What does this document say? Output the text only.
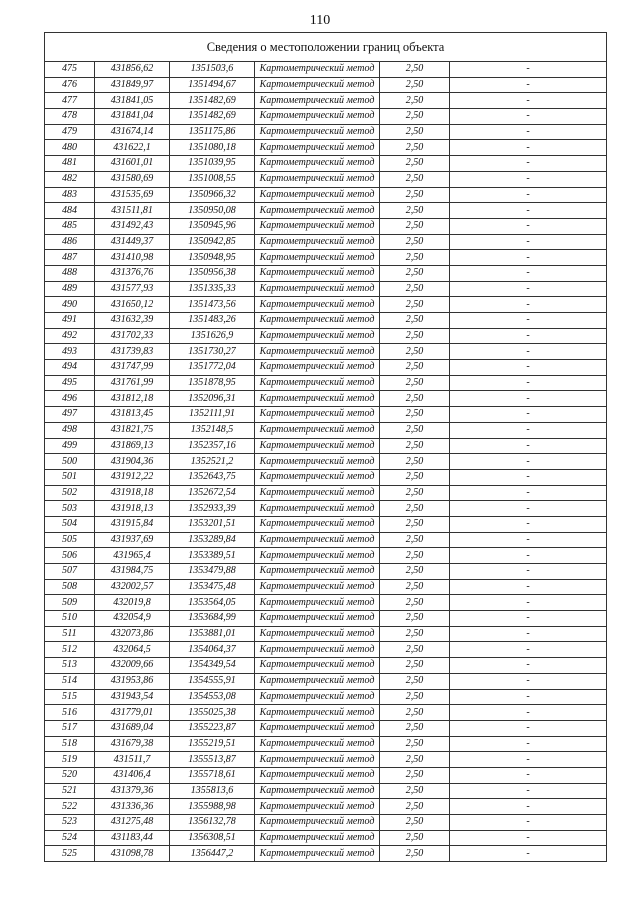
110
Сведения о местоположении границ объекта					
475	431856,62	1351503,6	Картометрический метод	2,50	-
476	431849,97	1351494,67	Картометрический метод	2,50	-
477	431841,05	1351482,69	Картометрический метод	2,50	-
478	431841,04	1351482,69	Картометрический метод	2,50	-
479	431674,14	1351175,86	Картометрический метод	2,50	-
480	431622,1	1351080,18	Картометрический метод	2,50	-
481	431601,01	1351039,95	Картометрический метод	2,50	-
482	431580,69	1351008,55	Картометрический метод	2,50	-
483	431535,69	1350966,32	Картометрический метод	2,50	-
484	431511,81	1350950,08	Картометрический метод	2,50	-
485	431492,43	1350945,96	Картометрический метод	2,50	-
486	431449,37	1350942,85	Картометрический метод	2,50	-
487	431410,98	1350948,95	Картометрический метод	2,50	-
488	431376,76	1350956,38	Картометрический метод	2,50	-
489	431577,93	1351335,33	Картометрический метод	2,50	-
490	431650,12	1351473,56	Картометрический метод	2,50	-
491	431632,39	1351483,26	Картометрический метод	2,50	-
492	431702,33	1351626,9	Картометрический метод	2,50	-
493	431739,83	1351730,27	Картометрический метод	2,50	-
494	431747,99	1351772,04	Картометрический метод	2,50	-
495	431761,99	1351878,95	Картометрический метод	2,50	-
496	431812,18	1352096,31	Картометрический метод	2,50	-
497	431813,45	1352111,91	Картометрический метод	2,50	-
498	431821,75	1352148,5	Картометрический метод	2,50	-
499	431869,13	1352357,16	Картометрический метод	2,50	-
500	431904,36	1352521,2	Картометрический метод	2,50	-
501	431912,22	1352643,75	Картометрический метод	2,50	-
502	431918,18	1352672,54	Картометрический метод	2,50	-
503	431918,13	1352933,39	Картометрический метод	2,50	-
504	431915,84	1353201,51	Картометрический метод	2,50	-
505	431937,69	1353289,84	Картометрический метод	2,50	-
506	431965,4	1353389,51	Картометрический метод	2,50	-
507	431984,75	1353479,88	Картометрический метод	2,50	-
508	432002,57	1353475,48	Картометрический метод	2,50	-
509	432019,8	1353564,05	Картометрический метод	2,50	-
510	432054,9	1353684,99	Картометрический метод	2,50	-
511	432073,86	1353881,01	Картометрический метод	2,50	-
512	432064,5	1354064,37	Картометрический метод	2,50	-
513	432009,66	1354349,54	Картометрический метод	2,50	-
514	431953,86	1354555,91	Картометрический метод	2,50	-
515	431943,54	1354553,08	Картометрический метод	2,50	-
516	431779,01	1355025,38	Картометрический метод	2,50	-
517	431689,04	1355223,87	Картометрический метод	2,50	-
518	431679,38	1355219,51	Картометрический метод	2,50	-
519	431511,7	1355513,87	Картометрический метод	2,50	-
520	431406,4	1355718,61	Картометрический метод	2,50	-
521	431379,36	1355813,6	Картометрический метод	2,50	-
522	431336,36	1355988,98	Картометрический метод	2,50	-
523	431275,48	1356132,78	Картометрический метод	2,50	-
524	431183,44	1356308,51	Картометрический метод	2,50	-
525	431098,78	1356447,2	Картометрический метод	2,50	-
